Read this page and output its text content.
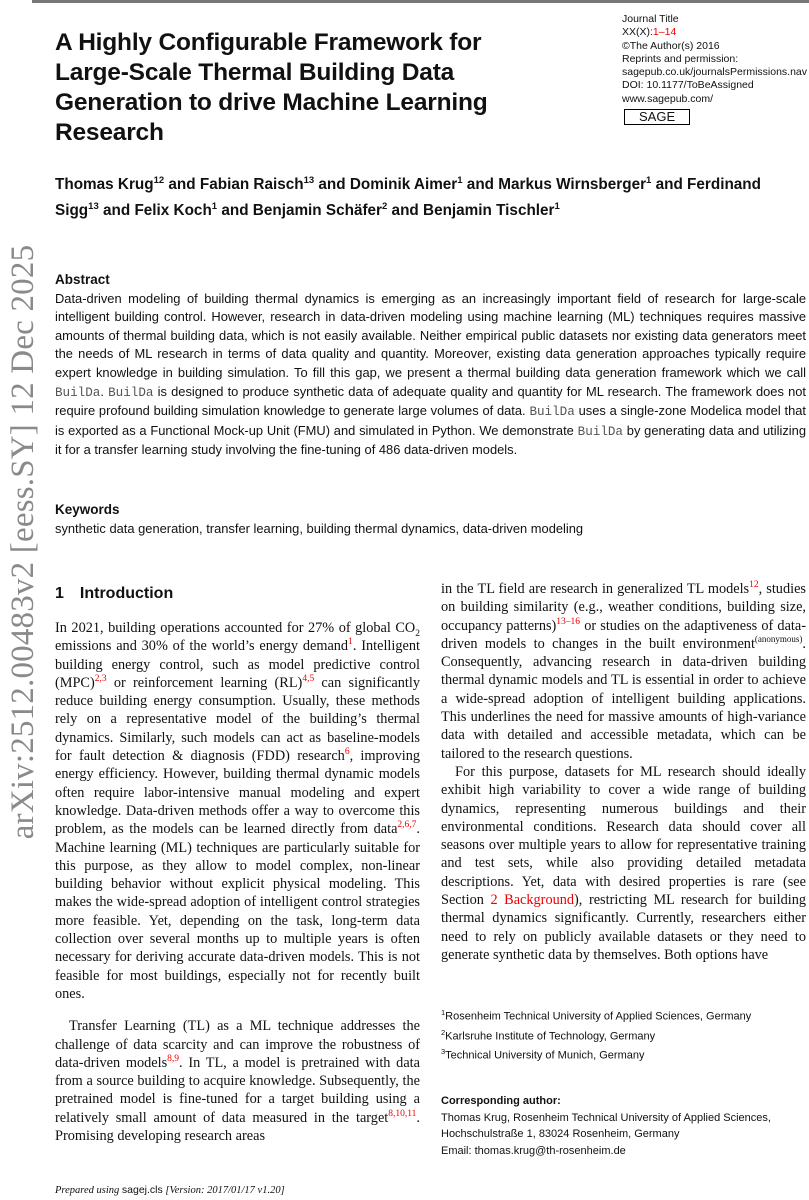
arXiv:2512.00483v2 [eess.SY] 12 Dec 2025
A Highly Configurable Framework for Large-Scale Thermal Building Data Generation to drive Machine Learning Research
Journal Title
XX(X):1–14
©The Author(s) 2016
Reprints and permission:
sagepub.co.uk/journalsPermissions.nav
DOI: 10.1177/ToBeAssigned
www.sagepub.com/
SAGE
Thomas Krug$^{12}$ and Fabian Raisch$^{13}$ and Dominik Aimer$^1$ and Markus Wirnsberger$^1$ and Ferdinand Sigg$^{13}$ and Felix Koch$^1$ and Benjamin Schäfer$^2$ and Benjamin Tischler$^1$
Abstract

Data-driven modeling of building thermal dynamics is emerging as an increasingly important field of research for large-scale intelligent building control. However, research in data-driven modeling using machine learning (ML) techniques requires massive amounts of thermal building data, which is not easily available. Neither empirical public datasets nor existing data generators meet the needs of ML research in terms of data quality and quantity. Moreover, existing data generation approaches typically require expert knowledge in building simulation. To fill this gap, we present a thermal building data generation framework which we call BuilDa. BuilDa is designed to produce synthetic data of adequate quality and quantity for ML research. The framework does not require profound building simulation knowledge to generate large volumes of data. BuilDa uses a single-zone Modelica model that is exported as a Functional Mock-up Unit (FMU) and simulated in Python. We demonstrate BuilDa by generating data and utilizing it for a transfer learning study involving the fine-tuning of 486 data-driven models.

Keywords
synthetic data generation, transfer learning, building thermal dynamics, data-driven modeling
1 Introduction

In 2021, building operations accounted for 27% of global $CO_2$ emissions and 30% of the world’s energy demand$^1$. Intelligent building energy control, such as model predictive control (MPC)$^{2,3}$ or reinforcement learning (RL)$^{4,5}$ can significantly reduce building energy consumption. Usually, these methods rely on a representative model of the building’s thermal dynamics. Similarly, such models can act as baseline-models for fault detection & diagnosis (FDD) research$^6$, improving energy efficiency. However, building thermal dynamic models often require labor-intensive manual modeling and expert knowledge. Data-driven methods offer a way to overcome this problem, as the models can be learned directly from data$^{2,6,7}$. Machine learning (ML) techniques are particularly suitable for this purpose, as they allow to model complex, non-linear building behavior without explicit physical modeling. This makes the wide-spread adoption of intelligent control strategies more feasible. Yet, depending on the task, long-term data collection over several months up to multiple years is often necessary for deriving accurate data-driven models. This is not feasible for most buildings, especially not for recently built ones.

Transfer Learning (TL) as a ML technique addresses the challenge of data scarcity and can improve the robustness of data-driven models$^{8,9}$. In TL, a model is pretrained with data from a source building to acquire knowledge. Subsequently, the pretrained model is fine-tuned for a target building using a relatively small amount of data measured in the target$^{8,10,11}$. Promising developing research areas

in the TL field are research in generalized TL models$^{12}$, studies on building similarity (e.g., weather conditions, building size, occupancy patterns)$^{13-16}$ or studies on the adaptiveness of data-driven models to changes in the built environment$^{(anonymous)}$. Consequently, advancing research in data-driven building thermal dynamic models and TL is essential in order to achieve a wide-spread adoption of intelligent building applications. This underlines the need for massive amounts of high-variance data with detailed and accessible metadata, which can be tailored to the research questions.

For this purpose, datasets for ML research should ideally exhibit high variability to cover a wide range of building dynamics, representing numerous buildings and their environmental conditions. Research data should cover all seasons over multiple years to allow for representative training and test sets, while also providing detailed metadata descriptions. Yet, data with desired properties is rare (see Section 2 Background), restricting ML research for building thermal dynamics significantly. Currently, researchers either need to rely on publicly available datasets or they need to generate synthetic data by themselves. Both options have

$^1$Rosenheim Technical University of Applied Sciences, Germany
$^2$Karlsruhe Institute of Technology, Germany
$^3$Technical University of Munich, Germany
Corresponding author:
Thomas Krug, Rosenheim Technical University of Applied Sciences,
Hochschulstraße 1, 83024 Rosenheim, Germany
Email: thomas.krug@th-rosenheim.de
Prepared using sagej.cls [Version: 2017/01/17 v1.20]
